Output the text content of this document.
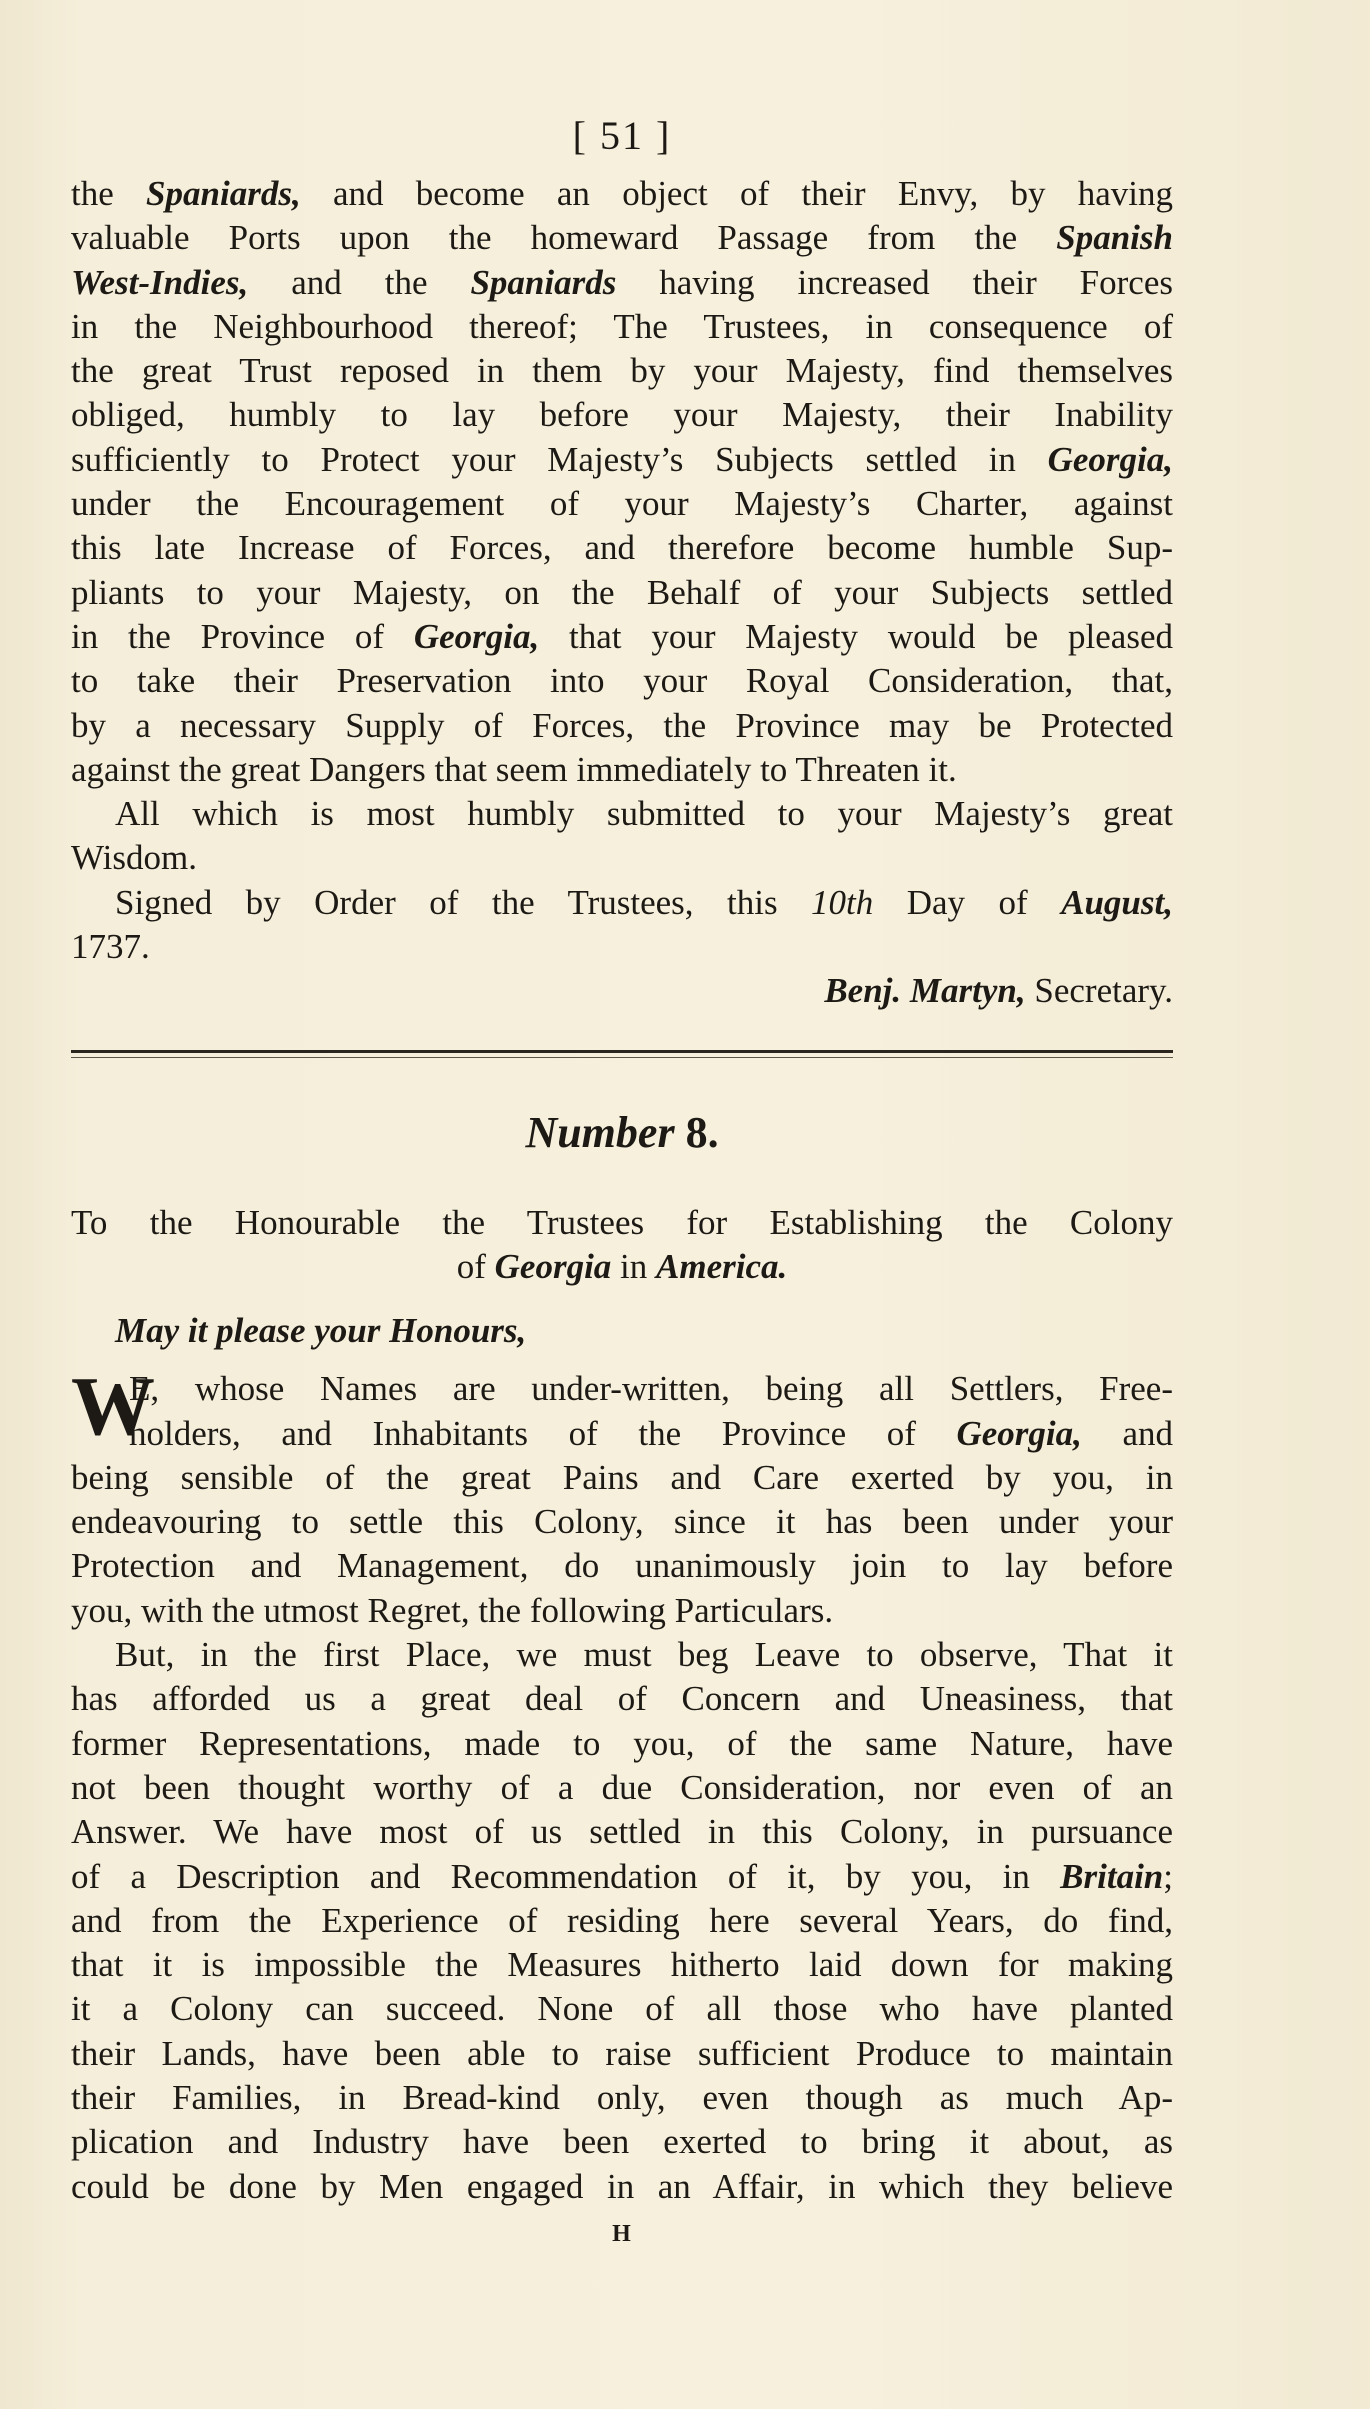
[ 51 ]
the Spaniards, and become an object of their Envy, by having
valuable Ports upon the homeward Passage from the Spanish
West-Indies, and the Spaniards having increased their Forces
in the Neighbourhood thereof; The Trustees, in consequence of
the great Trust reposed in them by your Majesty, find themselves
obliged, humbly to lay before your Majesty, their Inability
sufficiently to Protect your Majesty’s Subjects settled in Georgia,
under the Encouragement of your Majesty’s Charter, against
this late Increase of Forces, and therefore become humble Sup-
pliants to your Majesty, on the Behalf of your Subjects settled
in the Province of Georgia, that your Majesty would be pleased
to take their Preservation into your Royal Consideration, that,
by a necessary Supply of Forces, the Province may be Protected
against the great Dangers that seem immediately to Threaten it.
All which is most humbly submitted to your Majesty’s great
Wisdom.
Signed by Order of the Trustees, this 10th Day of August,
1737.
Benj. Martyn, Secretary.
Number 8.
To the Honourable the Trustees for Establishing the Colony
of Georgia in America.
May it please your Honours,
W
E, whose Names are under-written, being all Settlers, Free-
holders, and Inhabitants of the Province of Georgia, and
being sensible of the great Pains and Care exerted by you, in
endeavouring to settle this Colony, since it has been under your
Protection and Management, do unanimously join to lay before
you, with the utmost Regret, the following Particulars.
But, in the first Place, we must beg Leave to observe, That it
has afforded us a great deal of Concern and Uneasiness, that
former Representations, made to you, of the same Nature, have
not been thought worthy of a due Consideration, nor even of an
Answer. We have most of us settled in this Colony, in pursuance
of a Description and Recommendation of it, by you, in Britain;
and from the Experience of residing here several Years, do find,
that it is impossible the Measures hitherto laid down for making
it a Colony can succeed. None of all those who have planted
their Lands, have been able to raise sufficient Produce to maintain
their Families, in Bread-kind only, even though as much Ap-
plication and Industry have been exerted to bring it about, as
could be done by Men engaged in an Affair, in which they believe
H
